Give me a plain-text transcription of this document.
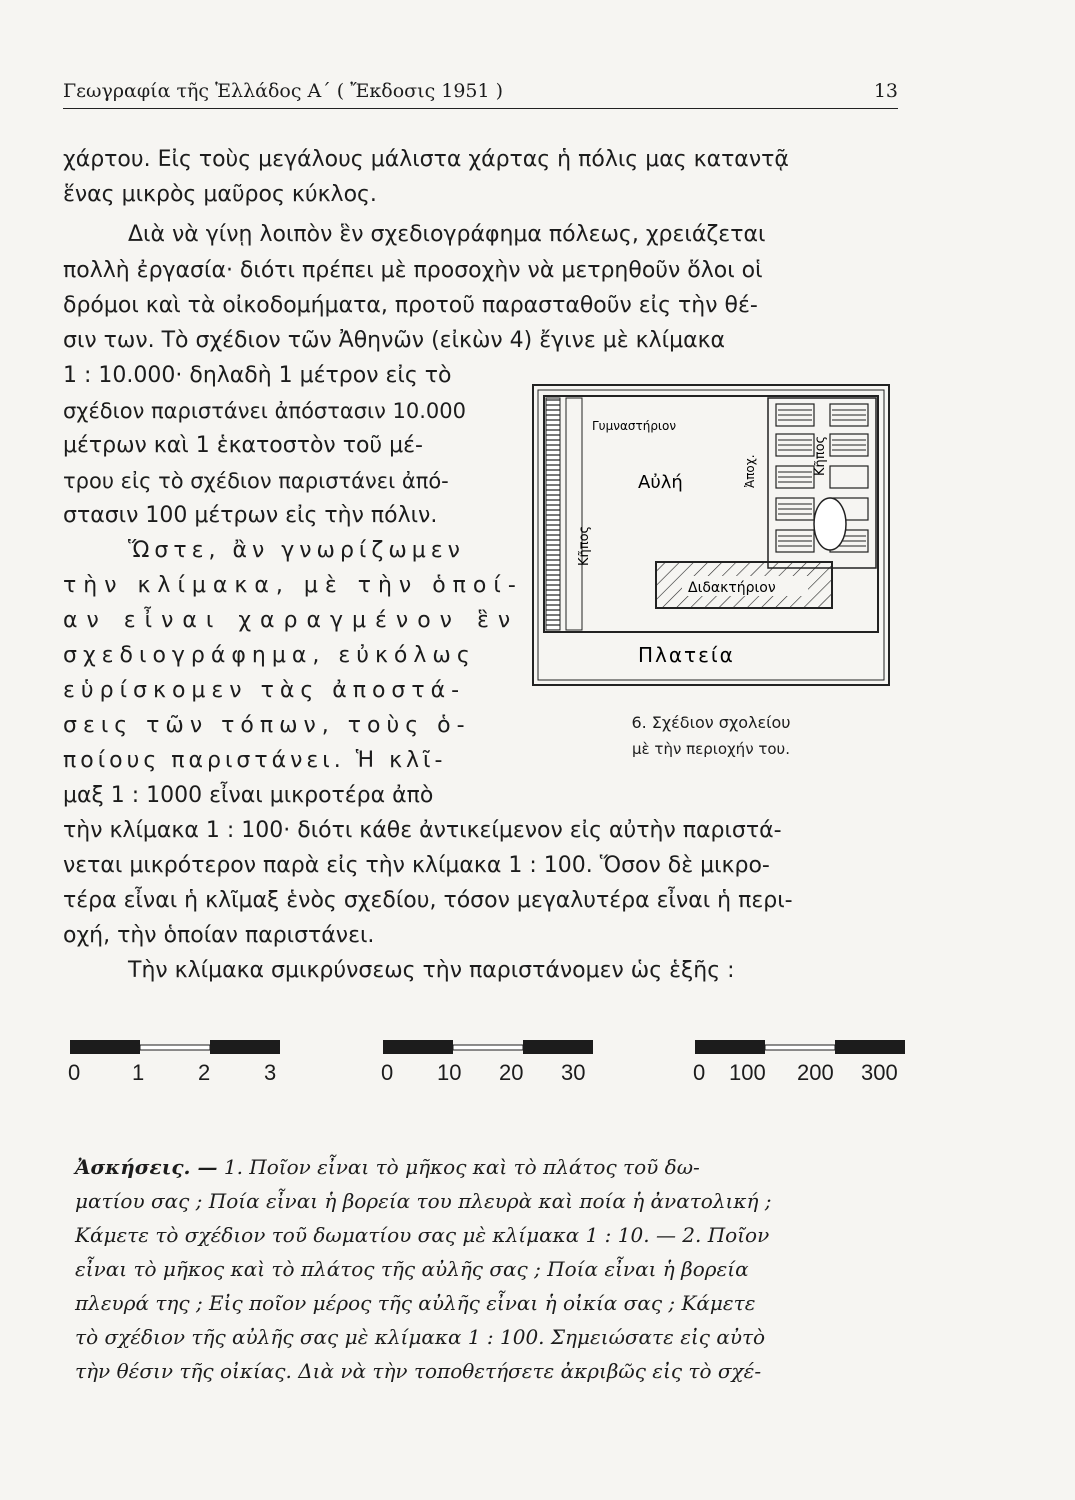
Γεωγραφία τῆς Ἑλλάδος Α΄ ( Ἔκδοσις 1951 )	13
χάρτου. Εἰς τοὺς μεγάλους μάλιστα χάρτας ἡ πόλις μας καταντᾷ
ἕνας μικρὸς μαῦρος κύκλος.
Διὰ νὰ γίνῃ λοιπὸν ἓν σχεδιογράφημα πόλεως, χρειάζεται
πολλὴ ἐργασία· διότι πρέπει μὲ προσοχὴν νὰ μετρηθοῦν ὅλοι οἱ
δρόμοι καὶ τὰ οἰκοδομήματα, προτοῦ παρασταθοῦν εἰς τὴν θέ-
σιν των. Τὸ σχέδιον τῶν Ἀθηνῶν (εἰκὼν 4) ἔγινε μὲ κλίμακα
1 : 10.000· δηλαδὴ 1 μέτρον εἰς τὸ
σχέδιον παριστάνει ἀπόστασιν 10.000
μέτρων καὶ 1 ἑκατοστὸν τοῦ μέ-
τρου εἰς τὸ σχέδιον παριστάνει ἀπό-
στασιν 100 μέτρων εἰς τὴν πόλιν.
Ὥστε, ἂν γνωρίζωμεν
τὴν κλίμακα, μὲ τὴν ὁποί-
αν εἶναι χαραγμένον ἓν
σχεδιογράφημα, εὐκόλως
εὑρίσκομεν τὰς ἀποστά-
σεις τῶν τόπων, τοὺς ὁ-
ποίους παριστάνει. Ἡ κλῖ-
μαξ 1 : 1000 εἶναι μικροτέρα ἀπὸ
τὴν κλίμακα 1 : 100· διότι κάθε ἀντικείμενον εἰς αὐτὴν παριστά-
νεται μικρότερον παρὰ εἰς τὴν κλίμακα 1 : 100. Ὅσον δὲ μικρο-
τέρα εἶναι ἡ κλῖμαξ ἑνὸς σχεδίου, τόσον μεγαλυτέρα εἶναι ἡ περι-
οχή, τὴν ὁποίαν παριστάνει.
Τὴν κλίμακα σμικρύνσεως τὴν παριστάνομεν ὡς ἑξῆς :
Γυμναστήριον
Αὐλή
Κῆπος
Κῆπος
Ἀποχ.
Διδακτήριον
Πλατεία
6. Σχέδιον σχολείου
μὲ τὴν περιοχήν του.
0 1 2 3	0 10 20 30	0 100 200 300
Ἀσκήσεις. — 1. Ποῖον εἶναι τὸ μῆκος καὶ τὸ πλάτος τοῦ δω-
ματίου σας ; Ποία εἶναι ἡ βορεία του πλευρὰ καὶ ποία ἡ ἀνατολική ;
Κάμετε τὸ σχέδιον τοῦ δωματίου σας μὲ κλίμακα 1 : 10. — 2. Ποῖον
εἶναι τὸ μῆκος καὶ τὸ πλάτος τῆς αὐλῆς σας ; Ποία εἶναι ἡ βορεία
πλευρά της ; Εἰς ποῖον μέρος τῆς αὐλῆς εἶναι ἡ οἰκία σας ; Κάμετε
τὸ σχέδιον τῆς αὐλῆς σας μὲ κλίμακα 1 : 100. Σημειώσατε εἰς αὐτὸ
τὴν θέσιν τῆς οἰκίας. Διὰ νὰ τὴν τοποθετήσετε ἀκριβῶς εἰς τὸ σχέ-
